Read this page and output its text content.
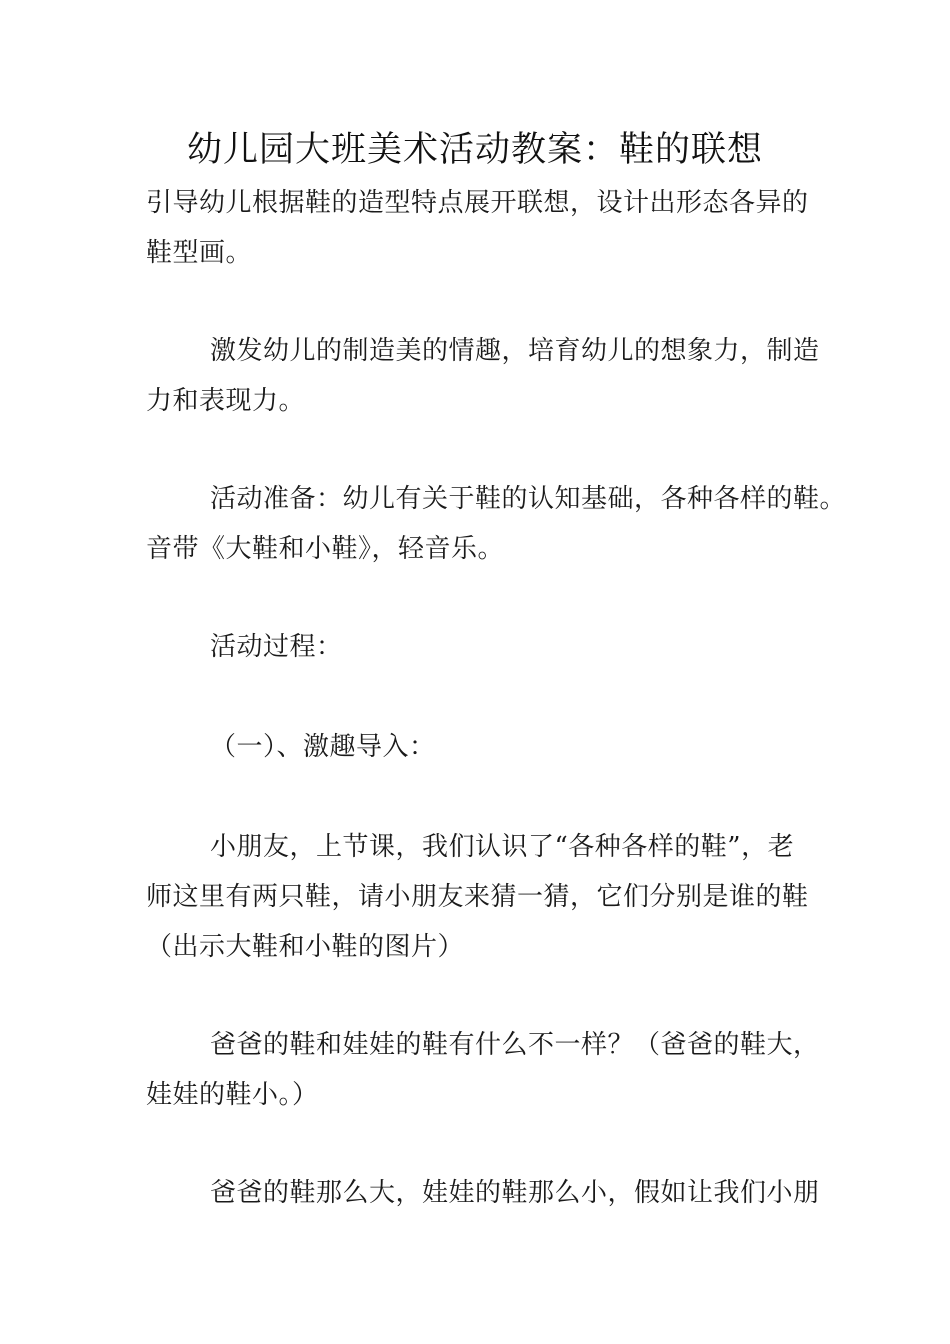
幼儿园大班美术活动教案：鞋的联想

引导幼儿根据鞋的造型特点展开联想，设计出形态各异的
鞋型画。

激发幼儿的制造美的情趣，培育幼儿的想象力，制造
力和表现力。

活动准备：幼儿有关于鞋的认知基础，各种各样的鞋。
音带《大鞋和小鞋》，轻音乐。

活动过程：

（一）、激趣导入：

小朋友，上节课，我们认识了“各种各样的鞋”，老
师这里有两只鞋，请小朋友来猜一猜，它们分别是谁的鞋
（出示大鞋和小鞋的图片）

爸爸的鞋和娃娃的鞋有什么不一样？（爸爸的鞋大，
娃娃的鞋小。）

爸爸的鞋那么大，娃娃的鞋那么小，假如让我们小朋
